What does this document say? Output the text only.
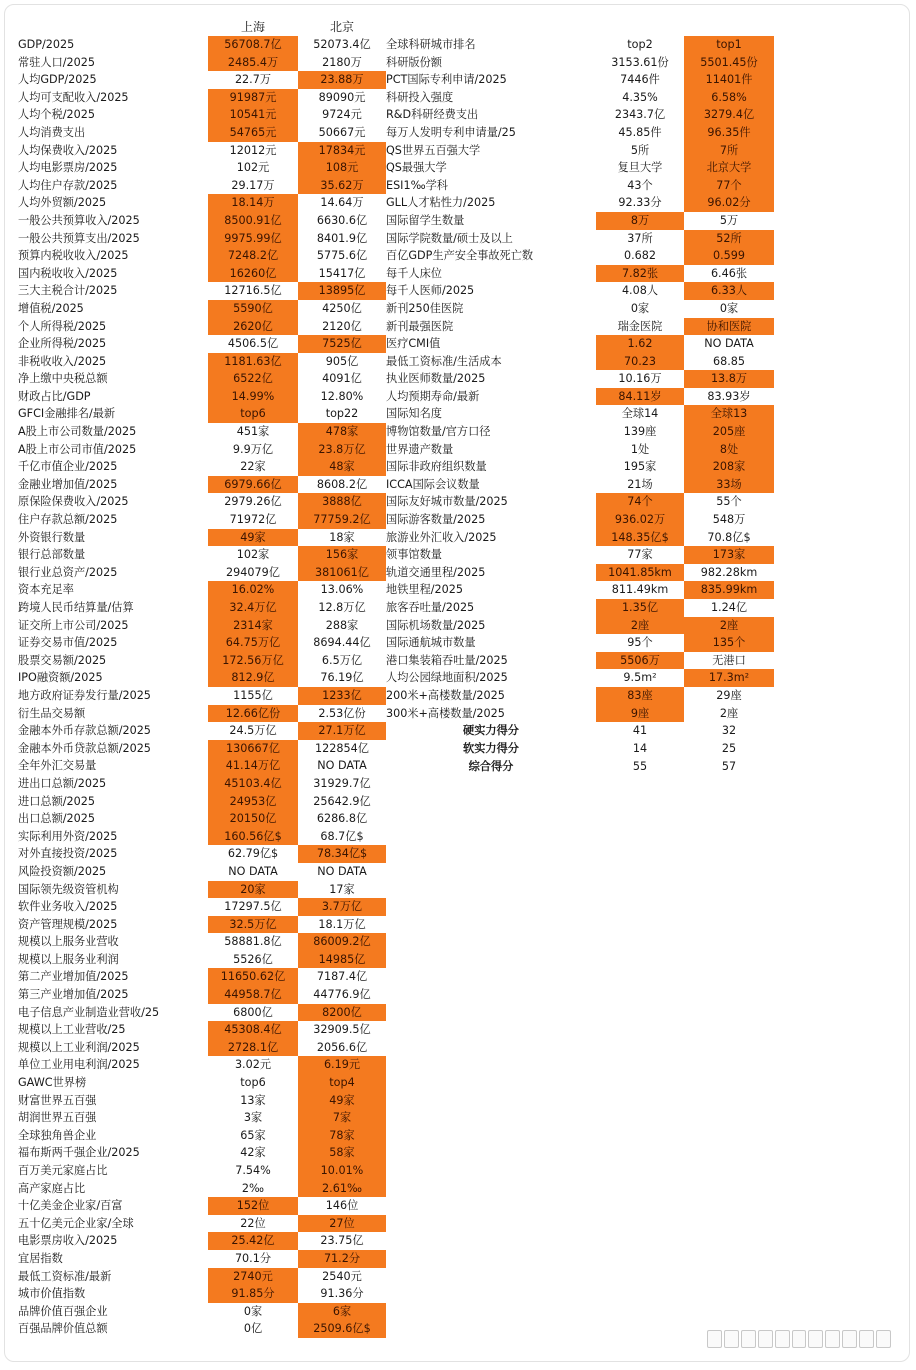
上海	北京
GDP/2025	56708.7亿	52073.4亿
常驻人口/2025	2485.4万	2180万
人均GDP/2025	22.7万	23.88万
人均可支配收入/2025	91987元	89090元
人均个税/2025	10541元	9724元
人均消费支出	54765元	50667元
人均保费收入/2025	12012元	17834元
人均电影票房/2025	102元	108元
人均住户存款/2025	29.17万	35.62万
人均外贸额/2025	18.14万	14.64万
一般公共预算收入/2025	8500.91亿	6630.6亿
一般公共预算支出/2025	9975.99亿	8401.9亿
预算内税收收入/2025	7248.2亿	5775.6亿
国内税收收入/2025	16260亿	15417亿
三大主税合计/2025	12716.5亿	13895亿
增值税/2025	5590亿	4250亿
个人所得税/2025	2620亿	2120亿
企业所得税/2025	4506.5亿	7525亿
非税收收入/2025	1181.63亿	905亿
净上缴中央税总额	6522亿	4091亿
财政占比/GDP	14.99%	12.80%
GFCI金融排名/最新	top6	top22
A股上市公司数量/2025	451家	478家
A股上市公司市值/2025	9.9万亿	23.8万亿
千亿市值企业/2025	22家	48家
金融业增加值/2025	6979.66亿	8608.2亿
原保险保费收入/2025	2979.26亿	3888亿
住户存款总额/2025	71972亿	77759.2亿
外资银行数量	49家	18家
银行总部数量	102家	156家
银行业总资产/2025	294079亿	381061亿
资本充足率	16.02%	13.06%
跨境人民币结算量/估算	32.4万亿	12.8万亿
证交所上市公司/2025	2314家	288家
证券交易市值/2025	64.75万亿	8694.44亿
股票交易额/2025	172.56万亿	6.5万亿
IPO融资额/2025	812.9亿	76.19亿
地方政府证券发行量/2025	1155亿	1233亿
衍生品交易额	12.66亿份	2.53亿份
金融本外币存款总额/2025	24.5万亿	27.1万亿
金融本外币贷款总额/2025	130667亿	122854亿
全年外汇交易量	41.14万亿	NO DATA
进出口总额/2025	45103.4亿	31929.7亿
进口总额/2025	24953亿	25642.9亿
出口总额/2025	20150亿	6286.8亿
实际利用外资/2025	160.56亿$	68.7亿$
对外直接投资/2025	62.79亿$	78.34亿$
风险投资额/2025	NO DATA	NO DATA
国际领先级资管机构	20家	17家
软件业务收入/2025	17297.5亿	3.7万亿
资产管理规模/2025	32.5万亿	18.1万亿
规模以上服务业营收	58881.8亿	86009.2亿
规模以上服务业利润	5526亿	14985亿
第二产业增加值/2025	11650.62亿	7187.4亿
第三产业增加值/2025	44958.7亿	44776.9亿
电子信息产业制造业营收/25	6800亿	8200亿
规模以上工业营收/25	45308.4亿	32909.5亿
规模以上工业利润/2025	2728.1亿	2056.6亿
单位工业用电利润/2025	3.02元	6.19元
GAWC世界榜	top6	top4
财富世界五百强	13家	49家
胡润世界五百强	3家	7家
全球独角兽企业	65家	78家
福布斯两千强企业/2025	42家	58家
百万美元家庭占比	7.54%	10.01%
高产家庭占比	2‰	2.61‰
十亿美金企业家/百富	152位	146位
五十亿美元企业家/全球	22位	27位
电影票房收入/2025	25.42亿	23.75亿
宜居指数	70.1分	71.2分
最低工资标准/最新	2740元	2540元
城市价值指数	91.85分	91.36分
品牌价值百强企业	0家	6家
百强品牌价值总额	0亿	2509.6亿$
全球科研城市排名	top2	top1
科研版份额	3153.61份	5501.45份
PCT国际专利申请/2025	7446件	11401件
科研投入强度	4.35%	6.58%
R&D科研经费支出	2343.7亿	3279.4亿
每万人发明专利申请量/25	45.85件	96.35件
QS世界五百强大学	5所	7所
QS最强大学	复旦大学	北京大学
ESI1‰学科	43个	77个
GLL人才粘性力/2025	92.33分	96.02分
国际留学生数量	8万	5万
国际学院数量/硕士及以上	37所	52所
百亿GDP生产安全事故死亡数	0.682	0.599
每千人床位	7.82张	6.46张
每千人医师/2025	4.08人	6.33人
新刊250佳医院	0家	0家
新刊最强医院	瑞金医院	协和医院
医疗CMI值	1.62	NO DATA
最低工资标准/生活成本	70.23	68.85
执业医师数量/2025	10.16万	13.8万
人均预期寿命/最新	84.11岁	83.93岁
国际知名度	全球14	全球13
博物馆数量/官方口径	139座	205座
世界遗产数量	1处	8处
国际非政府组织数量	195家	208家
ICCA国际会议数量	21场	33场
国际友好城市数量/2025	74个	55个
国际游客数量/2025	936.02万	548万
旅游业外汇收入/2025	148.35亿$	70.8亿$
领事馆数量	77家	173家
轨道交通里程/2025	1041.85km	982.28km
地铁里程/2025	811.49km	835.99km
旅客吞吐量/2025	1.35亿	1.24亿
国际机场数量/2025	2座	2座
国际通航城市数量	95个	135个
港口集装箱吞吐量/2025	5506万	无港口
人均公园绿地面积/2025	9.5m²	17.3m²
200米+高楼数量/2025	83座	29座
300米+高楼数量/2025	9座	2座
硬实力得分	41	32
软实力得分	14	25
综合得分	55	57
